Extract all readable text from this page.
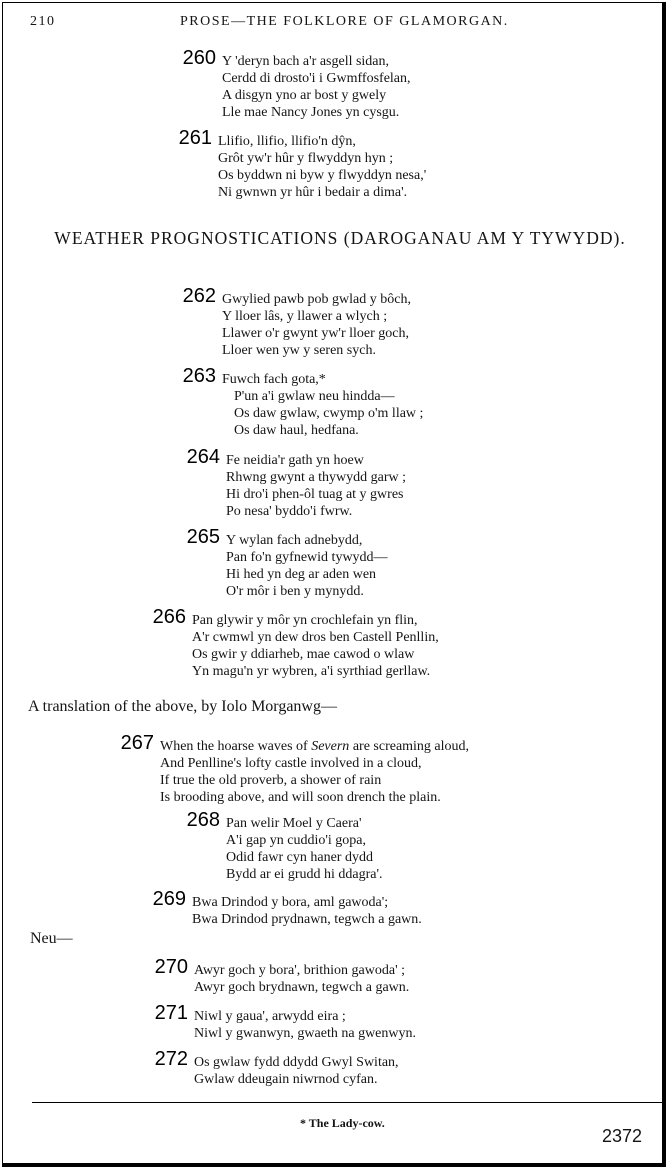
210	PROSE—THE FOLKLORE OF GLAMORGAN.
260 Y 'deryn bach a'r asgell sidan,
Cerdd di drosto'i i Gwmffosfelan,
A disgyn yno ar bost y gwely
Lle mae Nancy Jones yn cysgu.
261 Llifio, llifio, llifio'n dŷn,
Grôt yw'r hûr y flwyddyn hyn ;
Os byddwn ni byw y flwyddyn nesa,'
Ni gwnwn yr hûr i bedair a dima'.
WEATHER PROGNOSTICATIONS (DAROGANAU AM Y TYWYDD).
262 Gwylied pawb pob gwlad y bôch,
Y lloer lâs, y llawer a wlych ;
Llawer o'r gwynt yw'r lloer goch,
Lloer wen yw y seren sych.
263 Fuwch fach gota,*
P'un a'i gwlaw neu hindda—
Os daw gwlaw, cwymp o'm llaw ;
Os daw haul, hedfana.
264 Fe neidia'r gath yn hoew
Rhwng gwynt a thywydd garw ;
Hi dro'i phen-ôl tuag at y gwres
Po nesa' byddo'i fwrw.
265 Y wylan fach adnebydd,
Pan fo'n gyfnewid tywydd—
Hi hed yn deg ar aden wen
O'r môr i ben y mynydd.
266 Pan glywir y môr yn crochlefain yn flin,
A'r cwmwl yn dew dros ben Castell Penllin,
Os gwir y ddiarheb, mae cawod o wlaw
Yn magu'n yr wybren, a'i syrthiad gerllaw.
A translation of the above, by Iolo Morganwg—
267 When the hoarse waves of Severn are screaming aloud,
And Penlline's lofty castle involved in a cloud,
If true the old proverb, a shower of rain
Is brooding above, and will soon drench the plain.
268 Pan welir Moel y Caera'
A'i gap yn cuddio'i gopa,
Odid fawr cyn haner dydd
Bydd ar ei grudd hi ddagra'.
269 Bwa Drindod y bora, aml gawoda';
Bwa Drindod prydnawn, tegwch a gawn.
Neu—
270 Awyr goch y bora', brithion gawoda' ;
Awyr goch brydnawn, tegwch a gawn.
271 Niwl y gaua', arwydd eira ;
Niwl y gwanwyn, gwaeth na gwenwyn.
272 Os gwlaw fydd ddydd Gwyl Switan,
Gwlaw ddeugain niwrnod cyfan.
* The Lady-cow.
2372
